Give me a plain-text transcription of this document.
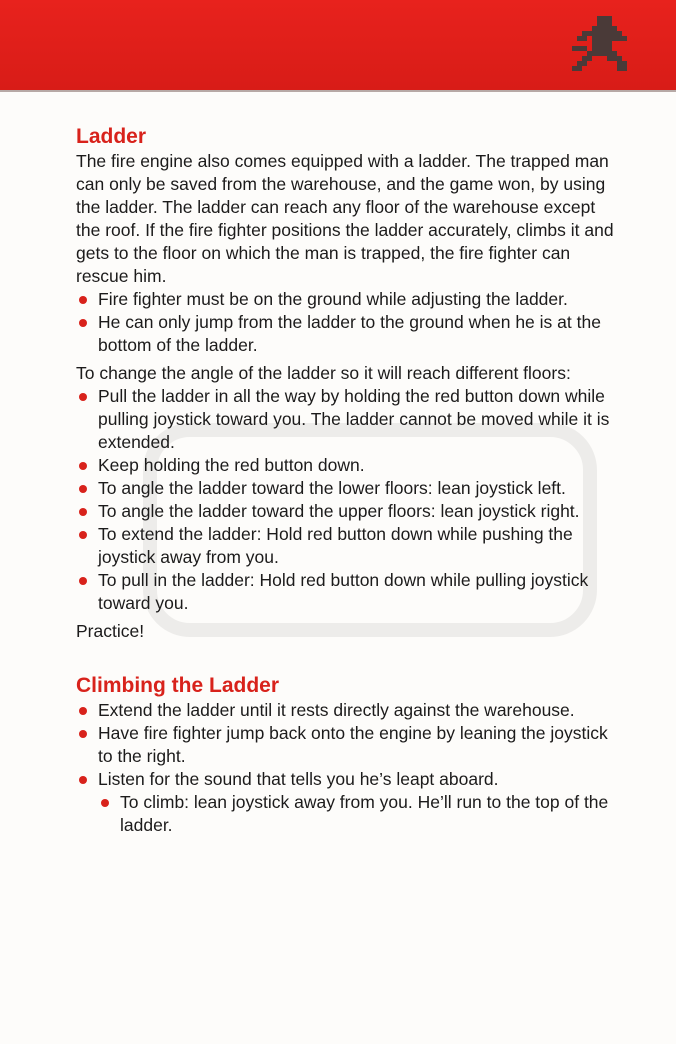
Ladder

The fire engine also comes equipped with a ladder. The trapped man can only be saved from the warehouse, and the game won, by using the ladder. The ladder can reach any floor of the warehouse except the roof. If the fire fighter positions the ladder accurately, climbs it and gets to the floor on which the man is trapped, the fire fighter can rescue him.

Fire fighter must be on the ground while adjusting the ladder.
He can only jump from the ladder to the ground when he is at the bottom of the ladder.

To change the angle of the ladder so it will reach different floors:

Pull the ladder in all the way by holding the red button down while pulling joystick toward you. The ladder cannot be moved while it is extended.
Keep holding the red button down.
To angle the ladder toward the lower floors: lean joystick left.
To angle the ladder toward the upper floors: lean joystick right.
To extend the ladder: Hold red button down while pushing the joystick away from you.
To pull in the ladder: Hold red button down while pulling joystick toward you.

Practice!

Climbing the Ladder
Extend the ladder until it rests directly against the warehouse.
Have fire fighter jump back onto the engine by leaning the joystick to the right.
Listen for the sound that tells you he’s leapt aboard.
To climb: lean joystick away from you. He’ll run to the top of the ladder.
